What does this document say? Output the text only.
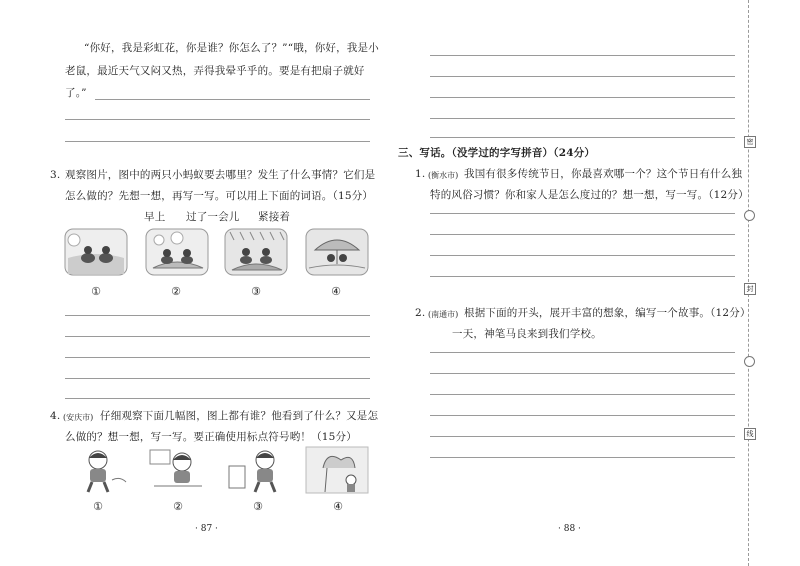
“你好，我是彩虹花，你是谁？你怎么了？”“哦，你好，我是小
老鼠，最近天气又闷又热，弄得我晕乎乎的。要是有把扇子就好
了。”
3. 观察图片，图中的两只小蚂蚁要去哪里？发生了什么事情？它们是
怎么做的？先想一想，再写一写。可以用上下面的词语。（15分）
早上 过了一会儿 紧接着
①	②	③	④
4. (安庆市) 仔细观察下面几幅图，图上都有谁？他看到了什么？又是怎
么做的？想一想，写一写。要正确使用标点符号哟！（15分）
①	②	③	④
· 87 ·
三、写话。（没学过的字写拼音）（24分）
1. (衡水市) 我国有很多传统节日，你最喜欢哪一个？这个节日有什么独
特的风俗习惯？你和家人是怎么度过的？想一想，写一写。（12分）
2. (南通市) 根据下面的开头，展开丰富的想象，编写一个故事。（12分）
一天，神笔马良来到我们学校。
· 88 ·
密
封
线
